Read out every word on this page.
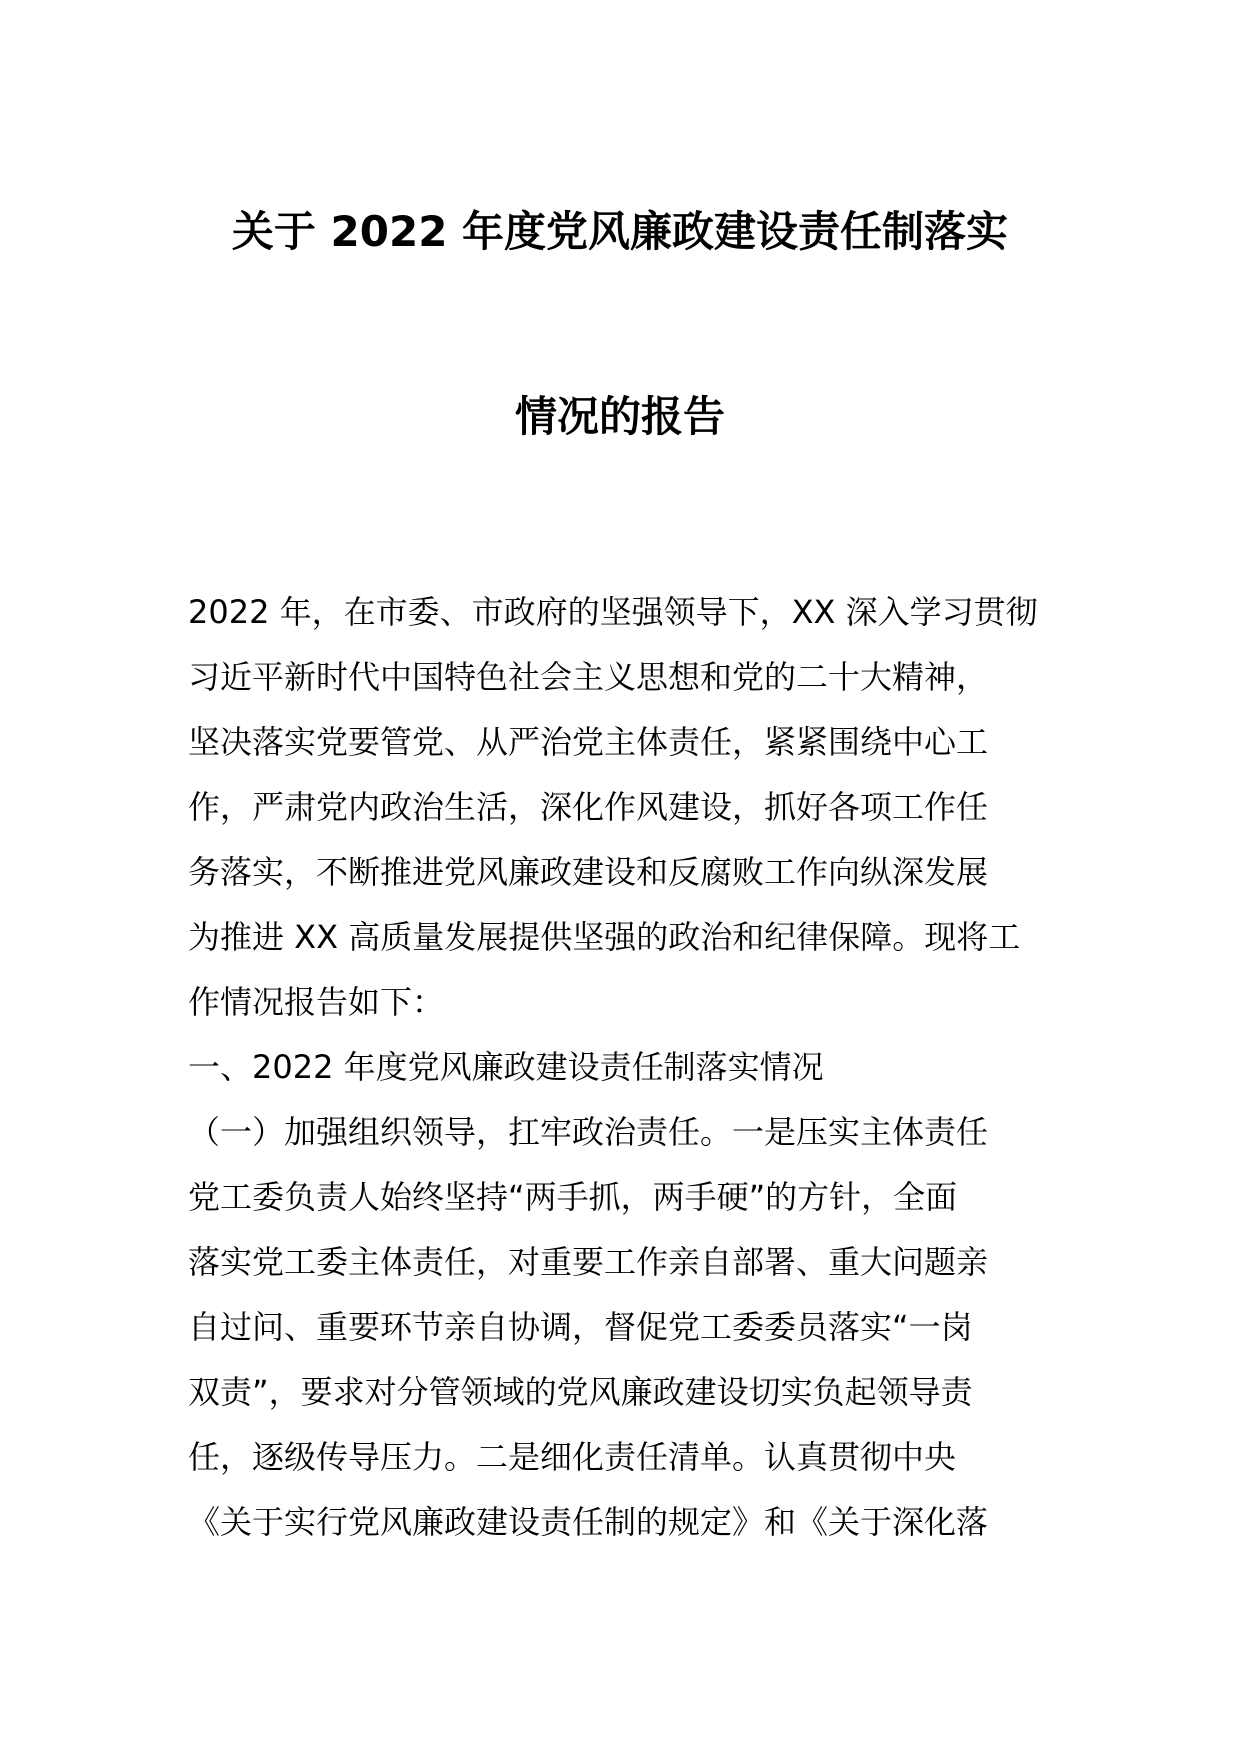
关于 2022 年度党风廉政建设责任制落实
情况的报告
2022 年，在市委、市政府的坚强领导下，XX 深入学习贯彻
习近平新时代中国特色社会主义思想和党的二十大精神，
坚决落实党要管党、从严治党主体责任，紧紧围绕中心工
作，严肃党内政治生活，深化作风建设，抓好各项工作任
务落实，不断推进党风廉政建设和反腐败工作向纵深发展
为推进 XX 高质量发展提供坚强的政治和纪律保障。现将工
作情况报告如下：
一、2022 年度党风廉政建设责任制落实情况
（一）加强组织领导，扛牢政治责任。一是压实主体责任
党工委负责人始终坚持“两手抓，两手硬”的方针，全面
落实党工委主体责任，对重要工作亲自部署、重大问题亲
自过问、重要环节亲自协调，督促党工委委员落实“一岗
双责”，要求对分管领域的党风廉政建设切实负起领导责
任，逐级传导压力。二是细化责任清单。认真贯彻中央
《关于实行党风廉政建设责任制的规定》和《关于深化落
